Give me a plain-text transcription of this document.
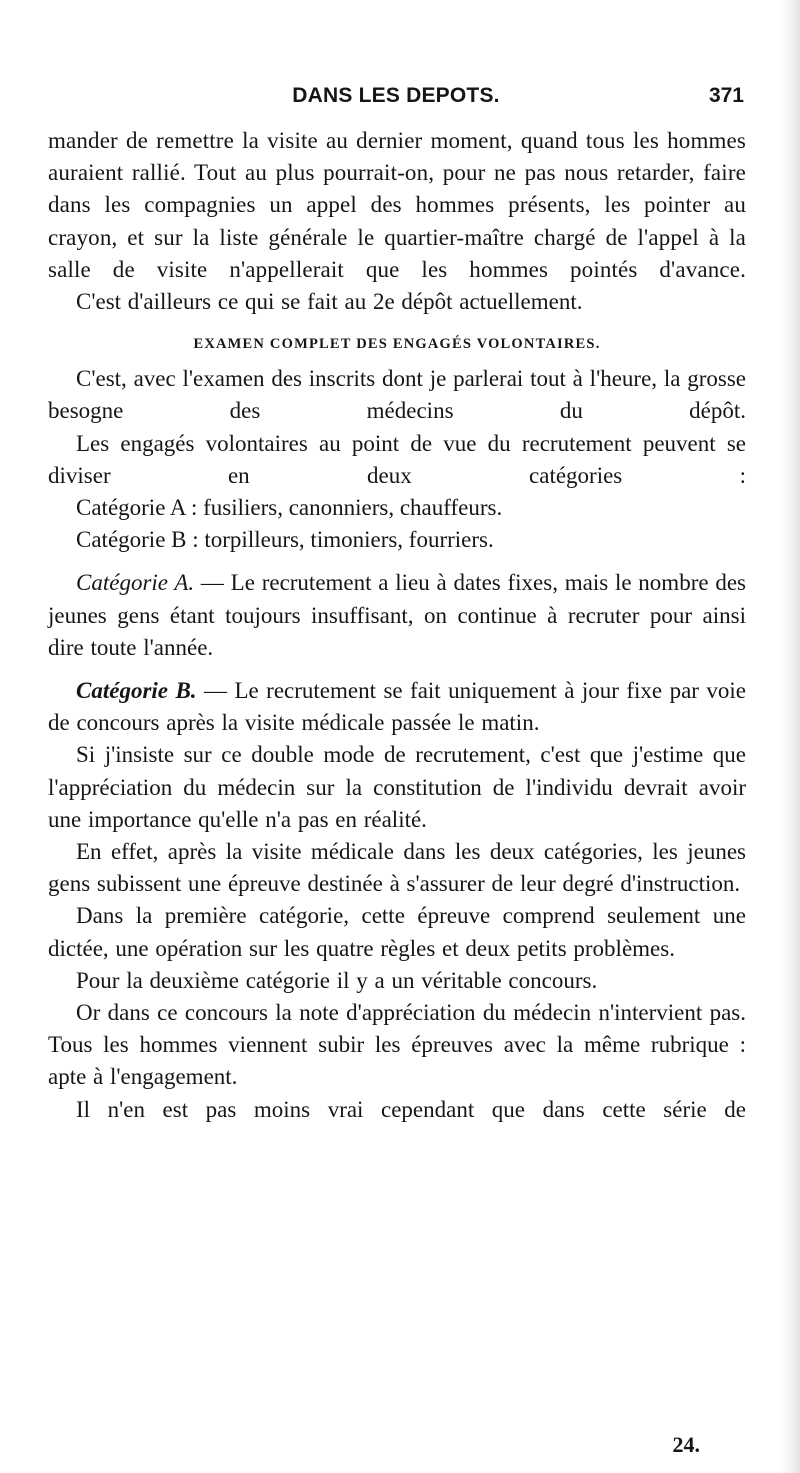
DANS LES DEPOTS.	371

mander de remettre la visite au dernier moment, quand tous les hommes auraient rallié. Tout au plus pourrait-on, pour ne pas nous retarder, faire dans les compagnies un appel des hommes présents, les pointer au crayon, et sur la liste générale le quartier-maître chargé de l'appel à la salle de visite n'appellerait que les hommes pointés d'avance.

C'est d'ailleurs ce qui se fait au 2e dépôt actuellement.

EXAMEN COMPLET DES ENGAGÉS VOLONTAIRES.

C'est, avec l'examen des inscrits dont je parlerai tout à l'heure, la grosse besogne des médecins du dépôt.

Les engagés volontaires au point de vue du recrutement peuvent se diviser en deux catégories :

Catégorie A : fusiliers, canonniers, chauffeurs.

Catégorie B : torpilleurs, timoniers, fourriers.

Catégorie A. — Le recrutement a lieu à dates fixes, mais le nombre des jeunes gens étant toujours insuffisant, on continue à recruter pour ainsi dire toute l'année.

Catégorie B. — Le recrutement se fait uniquement à jour fixe par voie de concours après la visite médicale passée le matin.

Si j'insiste sur ce double mode de recrutement, c'est que j'estime que l'appréciation du médecin sur la constitution de l'individu devrait avoir une importance qu'elle n'a pas en réalité.

En effet, après la visite médicale dans les deux catégories, les jeunes gens subissent une épreuve destinée à s'assurer de leur degré d'instruction.

Dans la première catégorie, cette épreuve comprend seulement une dictée, une opération sur les quatre règles et deux petits problèmes.

Pour la deuxième catégorie il y a un véritable concours.

Or dans ce concours la note d'appréciation du médecin n'intervient pas. Tous les hommes viennent subir les épreuves avec la même rubrique : apte à l'engagement.

Il n'en est pas moins vrai cependant que dans cette série de

24.
